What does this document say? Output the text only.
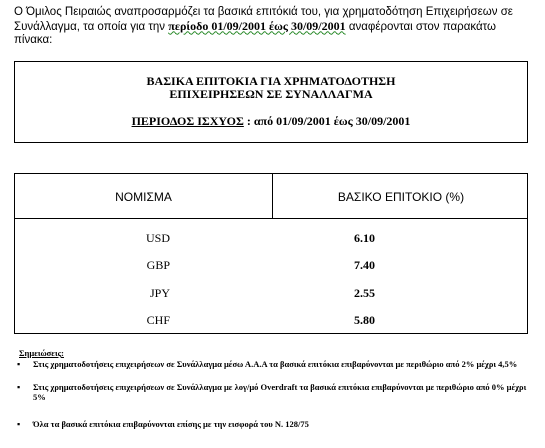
Ο Όμιλος Πειραιώς αναπροσαρμόζει τα βασικά επιτόκιά του, για χρηματοδότηση Επιχειρήσεων σε Συνάλλαγμα, τα οποία για την περίοδο 01/09/2001 έως 30/09/2001 αναφέρονται στον παρακάτω πίνακα:
ΒΑΣΙΚΑ ΕΠΙΤΟΚΙΑ ΓΙΑ ΧΡΗΜΑΤΟΔΟΤΗΣΗ
ΕΠΙΧΕΙΡΗΣΕΩΝ ΣΕ ΣΥΝΑΛΛΑΓΜΑ
ΠΕΡΙΟΔΟΣ ΙΣΧΥΟΣ : από 01/09/2001 έως 30/09/2001
ΝΟΜΙΣΜΑ	ΒΑΣΙΚΟ ΕΠΙΤΟΚΙΟ (%)
USD	6.10
GBP	7.40
JPY	2.55
CHF	5.80
Σημειώσεις:
▪ Στις χρηματοδοτήσεις επιχειρήσεων σε Συνάλλαγμα μέσω Α.Α.Α τα βασικά επιτόκια επιβαρύνονται με περιθώριο από 2% μέχρι 4,5%
▪ Στις χρηματοδοτήσεις επιχειρήσεων σε Συνάλλαγμα με λογ/μό Overdraft τα βασικά επιτόκια επιβαρύνονται με περιθώριο από 0% μέχρι 5%
▪ Όλα τα βασικά επιτόκια επιβαρύνονται επίσης με την εισφορά του Ν. 128/75
